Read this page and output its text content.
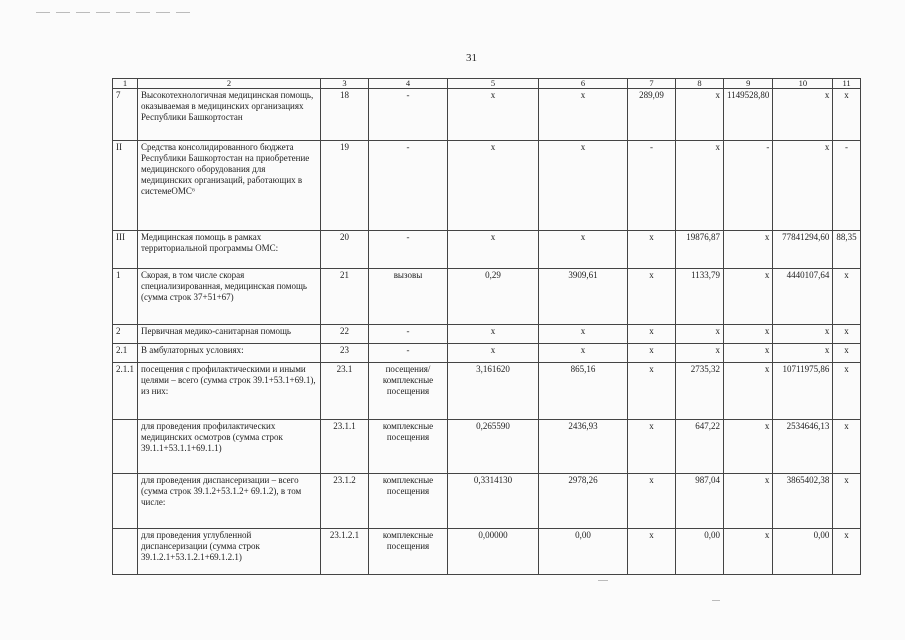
31
1	2	3	4	5	6	7	8	9	10	11
7	Высокотехнологичная медицинская помощь, оказываемая в медицинских организациях Республики Башкортостан	18	-	x	x	289,09	x	1149528,80	x	x
II	Средства консолидированного бюджета Республики Башкортостан на приобретение медицинского оборудования для медицинских организаций, работающих в системеОМС⁶	19	-	x	x	-	x	-	x	-
III	Медицинская помощь в рамках территориальной программы ОМС:	20	-	x	x	x	19876,87	x	77841294,60	88,35
1	Скорая, в том числе скорая специализированная, медицинская помощь (сумма строк 37+51+67)	21	вызовы	0,29	3909,61	x	1133,79	x	4440107,64	x
2	Первичная медико-санитарная помощь	22	-	x	x	x	x	x	x	x
2.1	В амбулаторных условиях:	23	-	x	x	x	x	x	x	x
2.1.1	посещения с профилактическими и иными целями – всего (сумма строк 39.1+53.1+69.1), из них:	23.1	посещения/ комплексные посещения	3,161620	865,16	x	2735,32	x	10711975,86	x
	для проведения профилактических медицинских осмотров (сумма строк 39.1.1+53.1.1+69.1.1)	23.1.1	комплексные посещения	0,265590	2436,93	x	647,22	x	2534646,13	x
	для проведения диспансеризации – всего (сумма строк 39.1.2+53.1.2+ 69.1.2), в том числе:	23.1.2	комплексные посещения	0,3314130	2978,26	x	987,04	x	3865402,38	x
	для проведения углубленной диспансеризации (сумма строк 39.1.2.1+53.1.2.1+69.1.2.1)	23.1.2.1	комплексные посещения	0,00000	0,00	x	0,00	x	0,00	x
